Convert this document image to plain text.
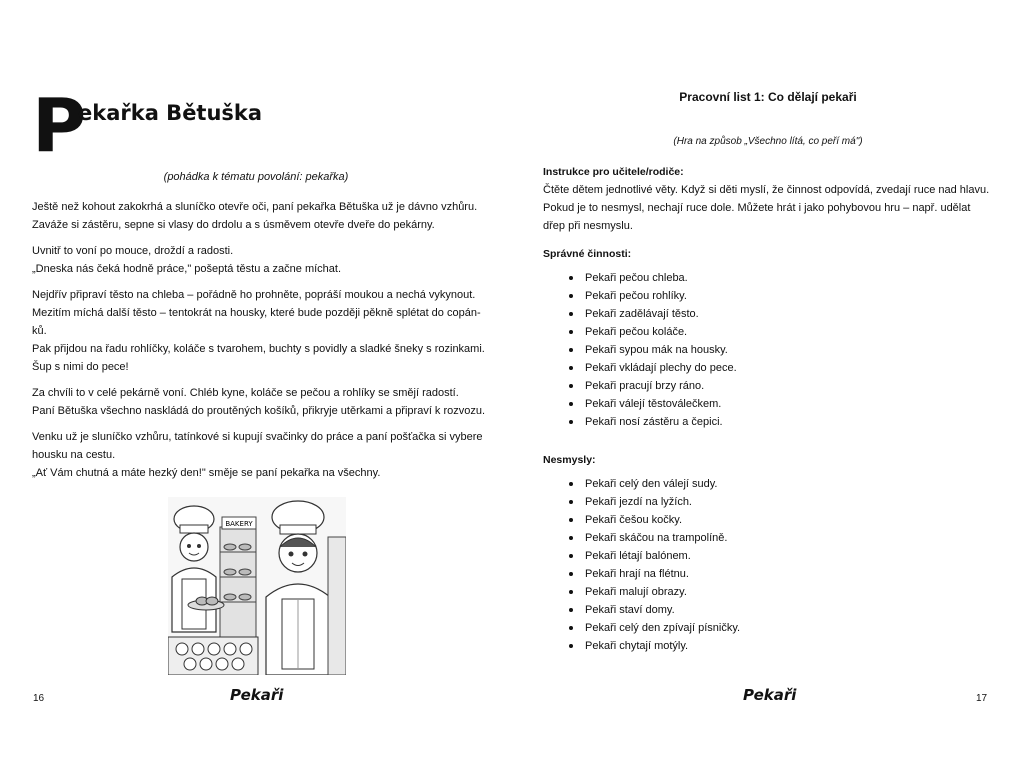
P
ekařka Bětuška
(pohádka k tématu povolání: pekařka)

Ještě než kohout zakokrhá a sluníčko otevře oči, paní pekařka Bětuška už je dávno vzhůru.
Zaváže si zástěru, sepne si vlasy do drdolu a s úsměvem otevře dveře do pekárny.

Uvnitř to voní po mouce, droždí a radosti.
„Dneska nás čeká hodně práce," pošeptá těstu a začne míchat.

Nejdřív připraví těsto na chleba – pořádně ho prohněte, popráší moukou a nechá vykynout.
Mezitím míchá další těsto – tentokrát na housky, které bude později pěkně splétat do copán-
ků.
Pak přijdou na řadu rohlíčky, koláče s tvarohem, buchty s povidly a sladké šneky s rozinkami.
Šup s nimi do pece!

Za chvíli to v celé pekárně voní. Chléb kyne, koláče se pečou a rohlíky se smějí radostí.
Paní Bětuška všechno naskládá do proutěných košíků, přikryje utěrkami a připraví k rozvozu.

Venku už je sluníčko vzhůru, tatínkové si kupují svačinky do práce a paní pošťačka si vybere
housku na cestu.
„Ať Vám chutná a máte hezký den!" směje se paní pekařka na všechny.

BAKERY
Pekaři
16
Pracovní list 1: Co dělají pekaři
(Hra na způsob „Všechno lítá, co peří má")
Instrukce pro učitele/rodiče:
Čtěte dětem jednotlivé věty. Když si děti myslí, že činnost odpovídá, zvedají ruce nad hlavu.
Pokud je to nesmysl, nechají ruce dole. Můžete hrát i jako pohybovou hru – např. udělat
dřep při nesmyslu.
Správné činnosti:
Pekaři pečou chleba.
Pekaři pečou rohlíky.
Pekaři zadělávají těsto.
Pekaři pečou koláče.
Pekaři sypou mák na housky.
Pekaři vkládají plechy do pece.
Pekaři pracují brzy ráno.
Pekaři válejí těstoválečkem.
Pekaři nosí zástěru a čepici.
Nesmysly:
Pekaři celý den válejí sudy.
Pekaři jezdí na lyžích.
Pekaři češou kočky.
Pekaři skáčou na trampolíně.
Pekaři létají balónem.
Pekaři hrají na flétnu.
Pekaři malují obrazy.
Pekaři staví domy.
Pekaři celý den zpívají písničky.
Pekaři chytají motýly.
Pekaři	17
